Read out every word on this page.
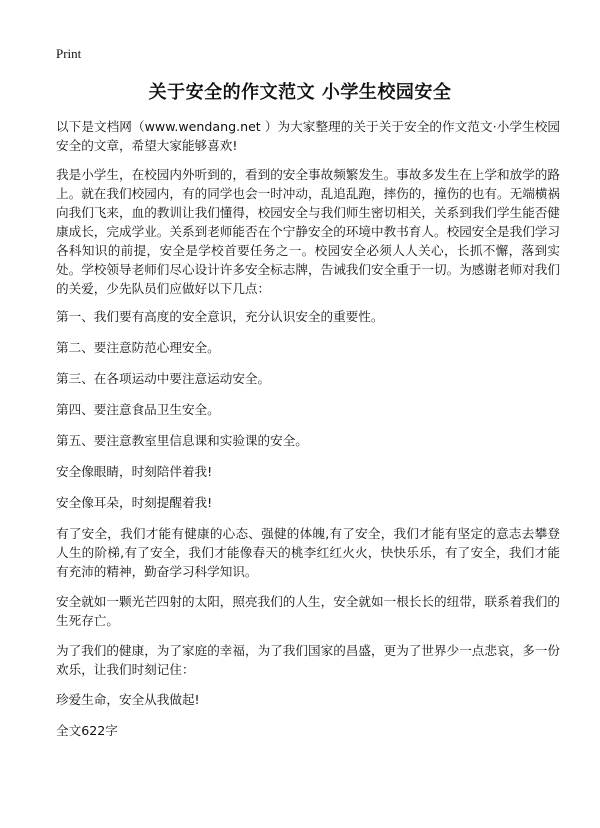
Print
关于安全的作文范文 小学生校园安全

以下是文档网（www.wendang.net ）为大家整理的关于关于安全的作文范文·小学生校园安全的文章，希望大家能够喜欢!

我是小学生，在校园内外听到的，看到的安全事故频繁发生。事故多发生在上学和放学的路上。就在我们校园内，有的同学也会一时冲动，乱追乱跑，摔伤的，撞伤的也有。无端横祸向我们飞来，血的教训让我们懂得，校园安全与我们师生密切相关，关系到我们学生能否健康成长，完成学业。关系到老师能否在个宁静安全的环境中教书育人。校园安全是我们学习各科知识的前提，安全是学校首要任务之一。校园安全必须人人关心，长抓不懈，落到实处。学校领导老师们尽心设计许多安全标志牌，告诫我们安全重于一切。为感谢老师对我们的关爱，少先队员们应做好以下几点：

第一、我们要有高度的安全意识，充分认识安全的重要性。

第二、要注意防范心理安全。

第三、在各项运动中要注意运动安全。

第四、要注意食品卫生安全。

第五、要注意教室里信息课和实验课的安全。

安全像眼睛，时刻陪伴着我!

安全像耳朵，时刻提醒着我!

有了安全，我们才能有健康的心态、强健的体魄,有了安全，我们才能有坚定的意志去攀登人生的阶梯,有了安全，我们才能像春天的桃李红红火火，快快乐乐，有了安全，我们才能有充沛的精神，勤奋学习科学知识。

安全就如一颗光芒四射的太阳，照亮我们的人生，安全就如一根长长的纽带，联系着我们的生死存亡。

为了我们的健康，为了家庭的幸福，为了我们国家的昌盛，更为了世界少一点悲哀，多一份欢乐，让我们时刻记住：

珍爱生命，安全从我做起!

全文622字
